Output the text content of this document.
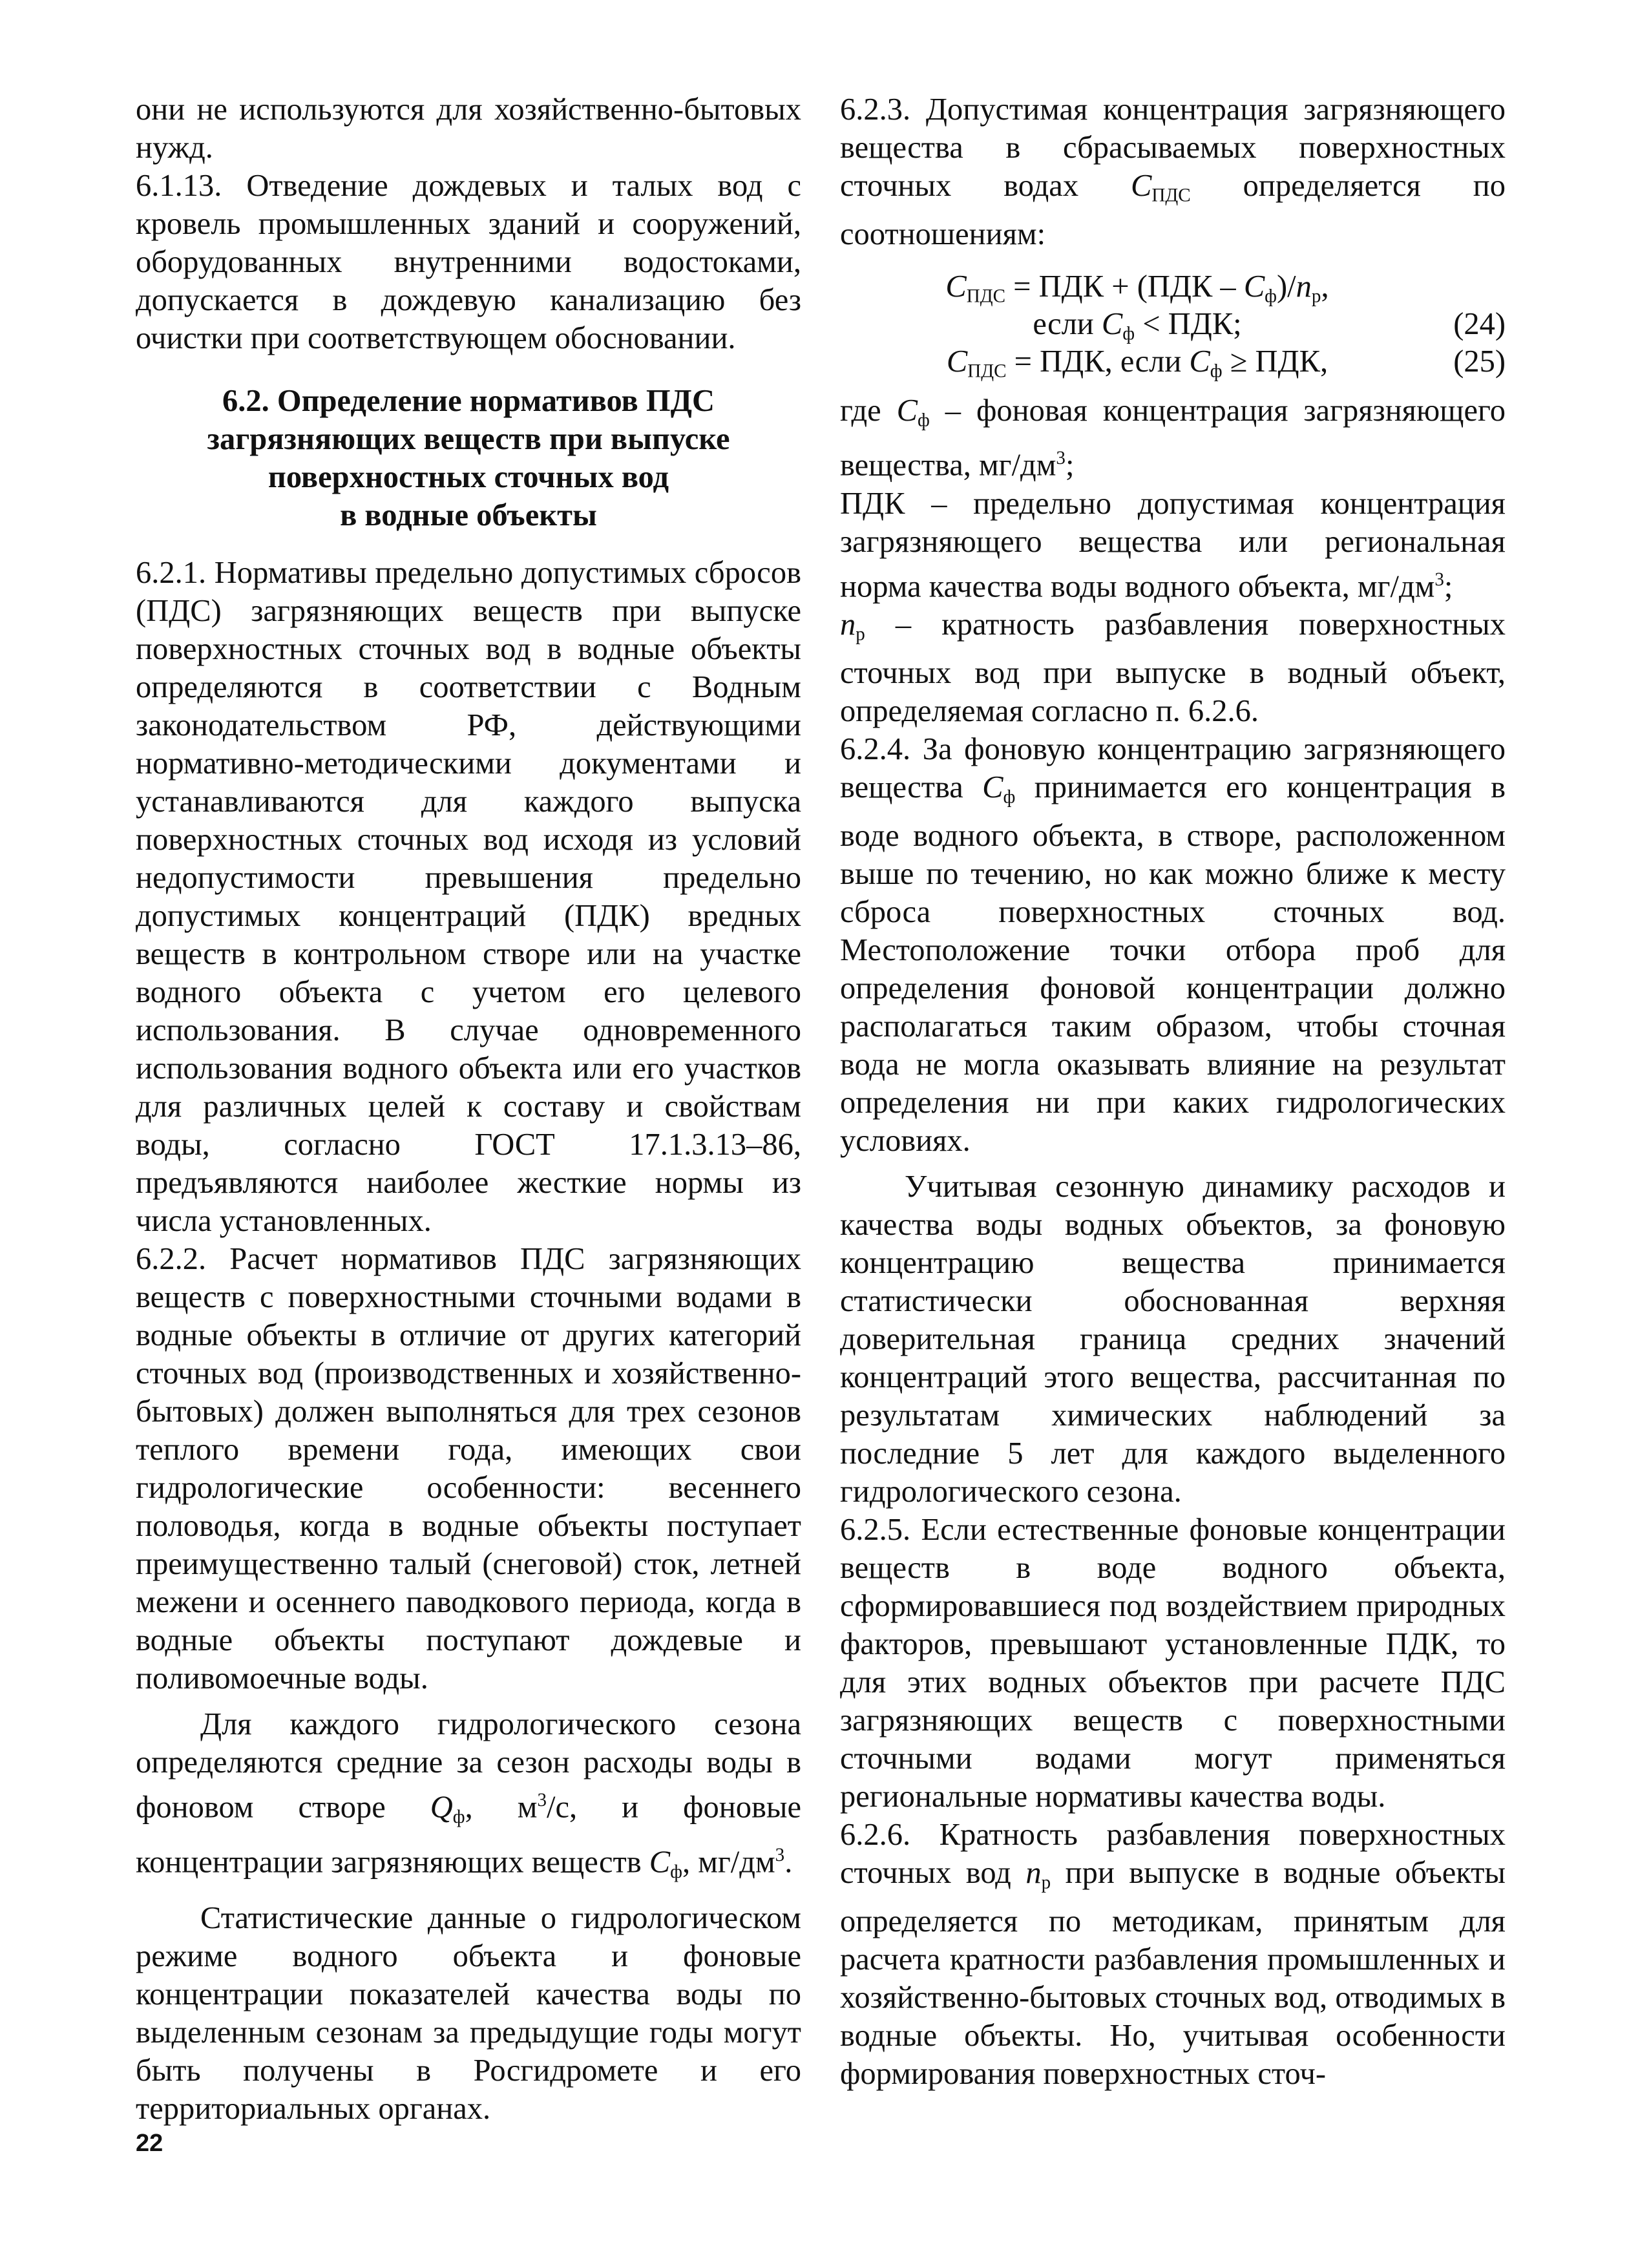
они не используются для хозяйственно-бытовых нужд.

6.1.13. Отведение дождевых и талых вод с кровель промышленных зданий и сооружений, оборудованных внутренними водостоками, допускается в дождевую канализацию без очистки при соответствующем обосновании.

6.2. Определение нормативов ПДС
загрязняющих веществ при выпуске
поверхностных сточных вод
в водные объекты

6.2.1. Нормативы предельно допустимых сбросов (ПДС) загрязняющих веществ при выпуске поверхностных сточных вод в водные объекты определяются в соответствии с Водным законодательством РФ, действующими нормативно-методическими документами и устанавливаются для каждого выпуска поверхностных сточных вод исходя из условий недопустимости превышения предельно допустимых концентраций (ПДК) вредных веществ в контрольном створе или на участке водного объекта с учетом его целевого использования. В случае одновременного использования водного объекта или его участков для различных целей к составу и свойствам воды, согласно ГОСТ 17.1.3.13–86, предъявляются наиболее жесткие нормы из числа установленных.

6.2.2. Расчет нормативов ПДС загрязняющих веществ с поверхностными сточными водами в водные объекты в отличие от других категорий сточных вод (производственных и хозяйственно-бытовых) должен выполняться для трех сезонов теплого времени года, имеющих свои гидрологические особенности: весеннего половодья, когда в водные объекты поступает преимущественно талый (снеговой) сток, летней межени и осеннего паводкового периода, когда в водные объекты поступают дождевые и поливомоечные воды.

Для каждого гидрологического сезона определяются средние за сезон расходы воды в фоновом створе $Q_ф$, $м^3/с$, и фоновые концентрации загрязняющих веществ $C_ф$, $мг/дм^3$.

Статистические данные о гидрологическом режиме водного объекта и фоновые концентрации показателей качества воды по выделенным сезонам за предыдущие годы могут быть получены в Росгидромете и его территориальных органах.

6.2.3. Допустимая концентрация загрязняющего вещества в сбрасываемых поверхностных сточных водах $C_{ПДС}$ определяется по соотношениям:

$C_{ПДС}$ = ПДК + $(ПДК - C_ф)/n_р$,
если $C_ф$ < ПДК;	(24)
$C_{ПДС}$ = ПДК, если $C_ф$ ≥ ПДК,	(25)

где $C_ф$ – фоновая концентрация загрязняющего вещества, $мг/дм^3$;

ПДК – предельно допустимая концентрация загрязняющего вещества или региональная норма качества воды водного объекта, $мг/дм^3$;

$n_р$ – кратность разбавления поверхностных сточных вод при выпуске в водный объект, определяемая согласно п. 6.2.6.

6.2.4. За фоновую концентрацию загрязняющего вещества $C_ф$ принимается его концентрация в воде водного объекта, в створе, расположенном выше по течению, но как можно ближе к месту сброса поверхностных сточных вод. Местоположение точки отбора проб для определения фоновой концентрации должно располагаться таким образом, чтобы сточная вода не могла оказывать влияние на результат определения ни при каких гидрологических условиях.

Учитывая сезонную динамику расходов и качества воды водных объектов, за фоновую концентрацию вещества принимается статистически обоснованная верхняя доверительная граница средних значений концентраций этого вещества, рассчитанная по результатам химических наблюдений за последние 5 лет для каждого выделенного гидрологического сезона.

6.2.5. Если естественные фоновые концентрации веществ в воде водного объекта, сформировавшиеся под воздействием природных факторов, превышают установленные ПДК, то для этих водных объектов при расчете ПДС загрязняющих веществ с поверхностными сточными водами могут применяться региональные нормативы качества воды.

6.2.6. Кратность разбавления поверхностных сточных вод $n_р$ при выпуске в водные объекты определяется по методикам, принятым для расчета кратности разбавления промышленных и хозяйственно-бытовых сточных вод, отводимых в водные объекты. Но, учитывая особенности формирования поверхностных сточ-

22
